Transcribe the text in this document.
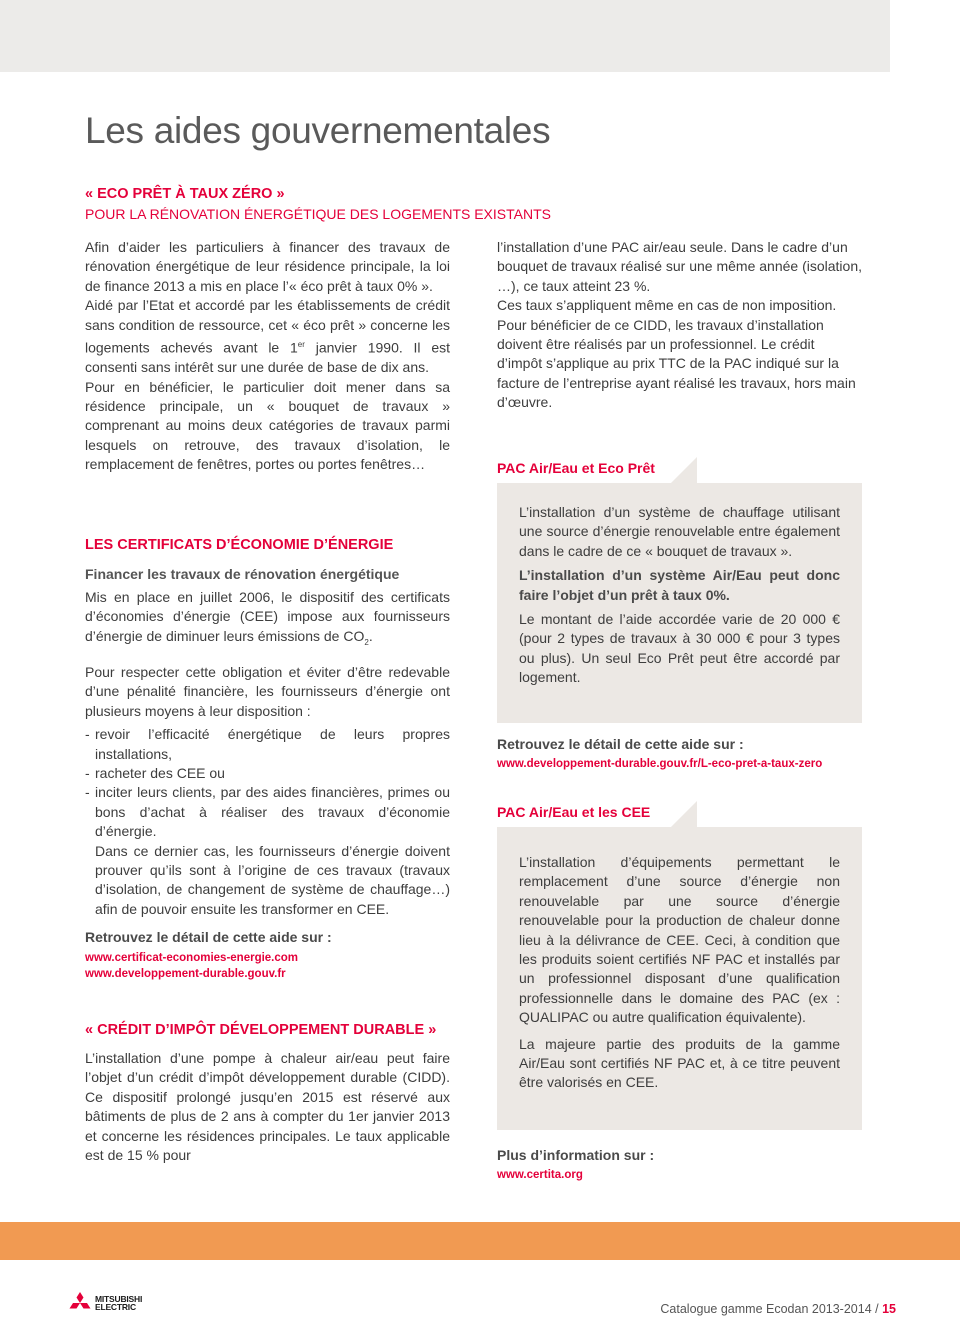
Les aides gouvernementales
« ECO PRÊT À TAUX ZÉRO »
POUR LA RÉNOVATION ÉNERGÉTIQUE DES LOGEMENTS EXISTANTS

Afin d’aider les particuliers à financer des travaux de rénovation énergétique de leur résidence principale, la loi de finance 2013 a mis en place l’« éco prêt à taux 0% ».

Aidé par l’Etat et accordé par les établissements de crédit sans condition de ressource, cet « éco prêt » concerne les logements achevés avant le 1er janvier 1990. Il est consenti sans intérêt sur une durée de base de dix ans.

Pour en bénéficier, le particulier doit mener dans sa résidence principale, un « bouquet de travaux » comprenant au moins deux catégories de travaux parmi lesquels on retrouve, des travaux d’isolation, le remplacement de fenêtres, portes ou portes fenêtres…

LES CERTIFICATS D’ÉCONOMIE D’ÉNERGIE
Financer les travaux de rénovation énergétique

Mis en place en juillet 2006, le dispositif des certificats d’économies d’énergie (CEE) impose aux fournisseurs d’énergie de diminuer leurs émissions de $CO_2$.

Pour respecter cette obligation et éviter d’être redevable d’une pénalité financière, les fournisseurs d’énergie ont plusieurs moyens à leur disposition :

- revoir l’efficacité énergétique de leurs propres installations,

- racheter des CEE ou

- inciter leurs clients, par des aides financières, primes ou bons d’achat à réaliser des travaux d’économie d’énergie.

Dans ce dernier cas, les fournisseurs d’énergie doivent prouver qu’ils sont à l’origine de ces travaux (travaux d’isolation, de changement de système de chauffage…) afin de pouvoir ensuite les transformer en CEE.

Retrouvez le détail de cette aide sur :

www.certificat-economies-energie.com
www.developpement-durable.gouv.fr
« CRÉDIT D’IMPÔT DÉVELOPPEMENT DURABLE »

L’installation d’une pompe à chaleur air/eau peut faire l’objet d’un crédit d’impôt développement durable (CIDD). Ce dispositif prolongé jusqu’en 2015 est réservé aux bâtiments de plus de 2 ans à compter du 1er janvier 2013 et concerne les résidences principales. Le taux applicable est de 15 % pour

l’installation d’une PAC air/eau seule. Dans le cadre d’un bouquet de travaux réalisé sur une même année (isolation, …), ce taux atteint 23 %.

Ces taux s’appliquent même en cas de non imposition.

Pour bénéficier de ce CIDD, les travaux d’installation doivent être réalisés par un professionnel. Le crédit d’impôt s’applique au prix TTC de la PAC indiqué sur la facture de l’entreprise ayant réalisé les travaux, hors main d’œuvre.

PAC Air/Eau et Eco Prêt

L’installation d’un système de chauffage utilisant une source d’énergie renouvelable entre également dans le cadre de ce « bouquet de travaux ».

L’installation d’un système Air/Eau peut donc faire l’objet d’un prêt à taux 0%.

Le montant de l’aide accordée varie de 20 000 € (pour 2 types de travaux à 30 000 € pour 3 types ou plus). Un seul Eco Prêt peut être accordé par logement.

Retrouvez le détail de cette aide sur :

www.developpement-durable.gouv.fr/L-eco-pret-a-taux-zero
PAC Air/Eau et les CEE

L’installation d’équipements permettant le remplacement d’une source d’énergie non renouvelable par une source d’énergie renouvelable pour la production de chaleur donne lieu à la délivrance de CEE. Ceci, à condition que les produits soient certifiés NF PAC et installés par un professionnel disposant d’une qualification professionnelle dans le domaine des PAC (ex : QUALIPAC ou autre qualification équivalente).

La majeure partie des produits de la gamme Air/Eau sont certifiés NF PAC et, à ce titre peuvent être valorisés en CEE.

Plus d’information sur :

www.certita.org
MITSUBISHI
ELECTRIC	Catalogue gamme Ecodan 2013-2014 / 15
